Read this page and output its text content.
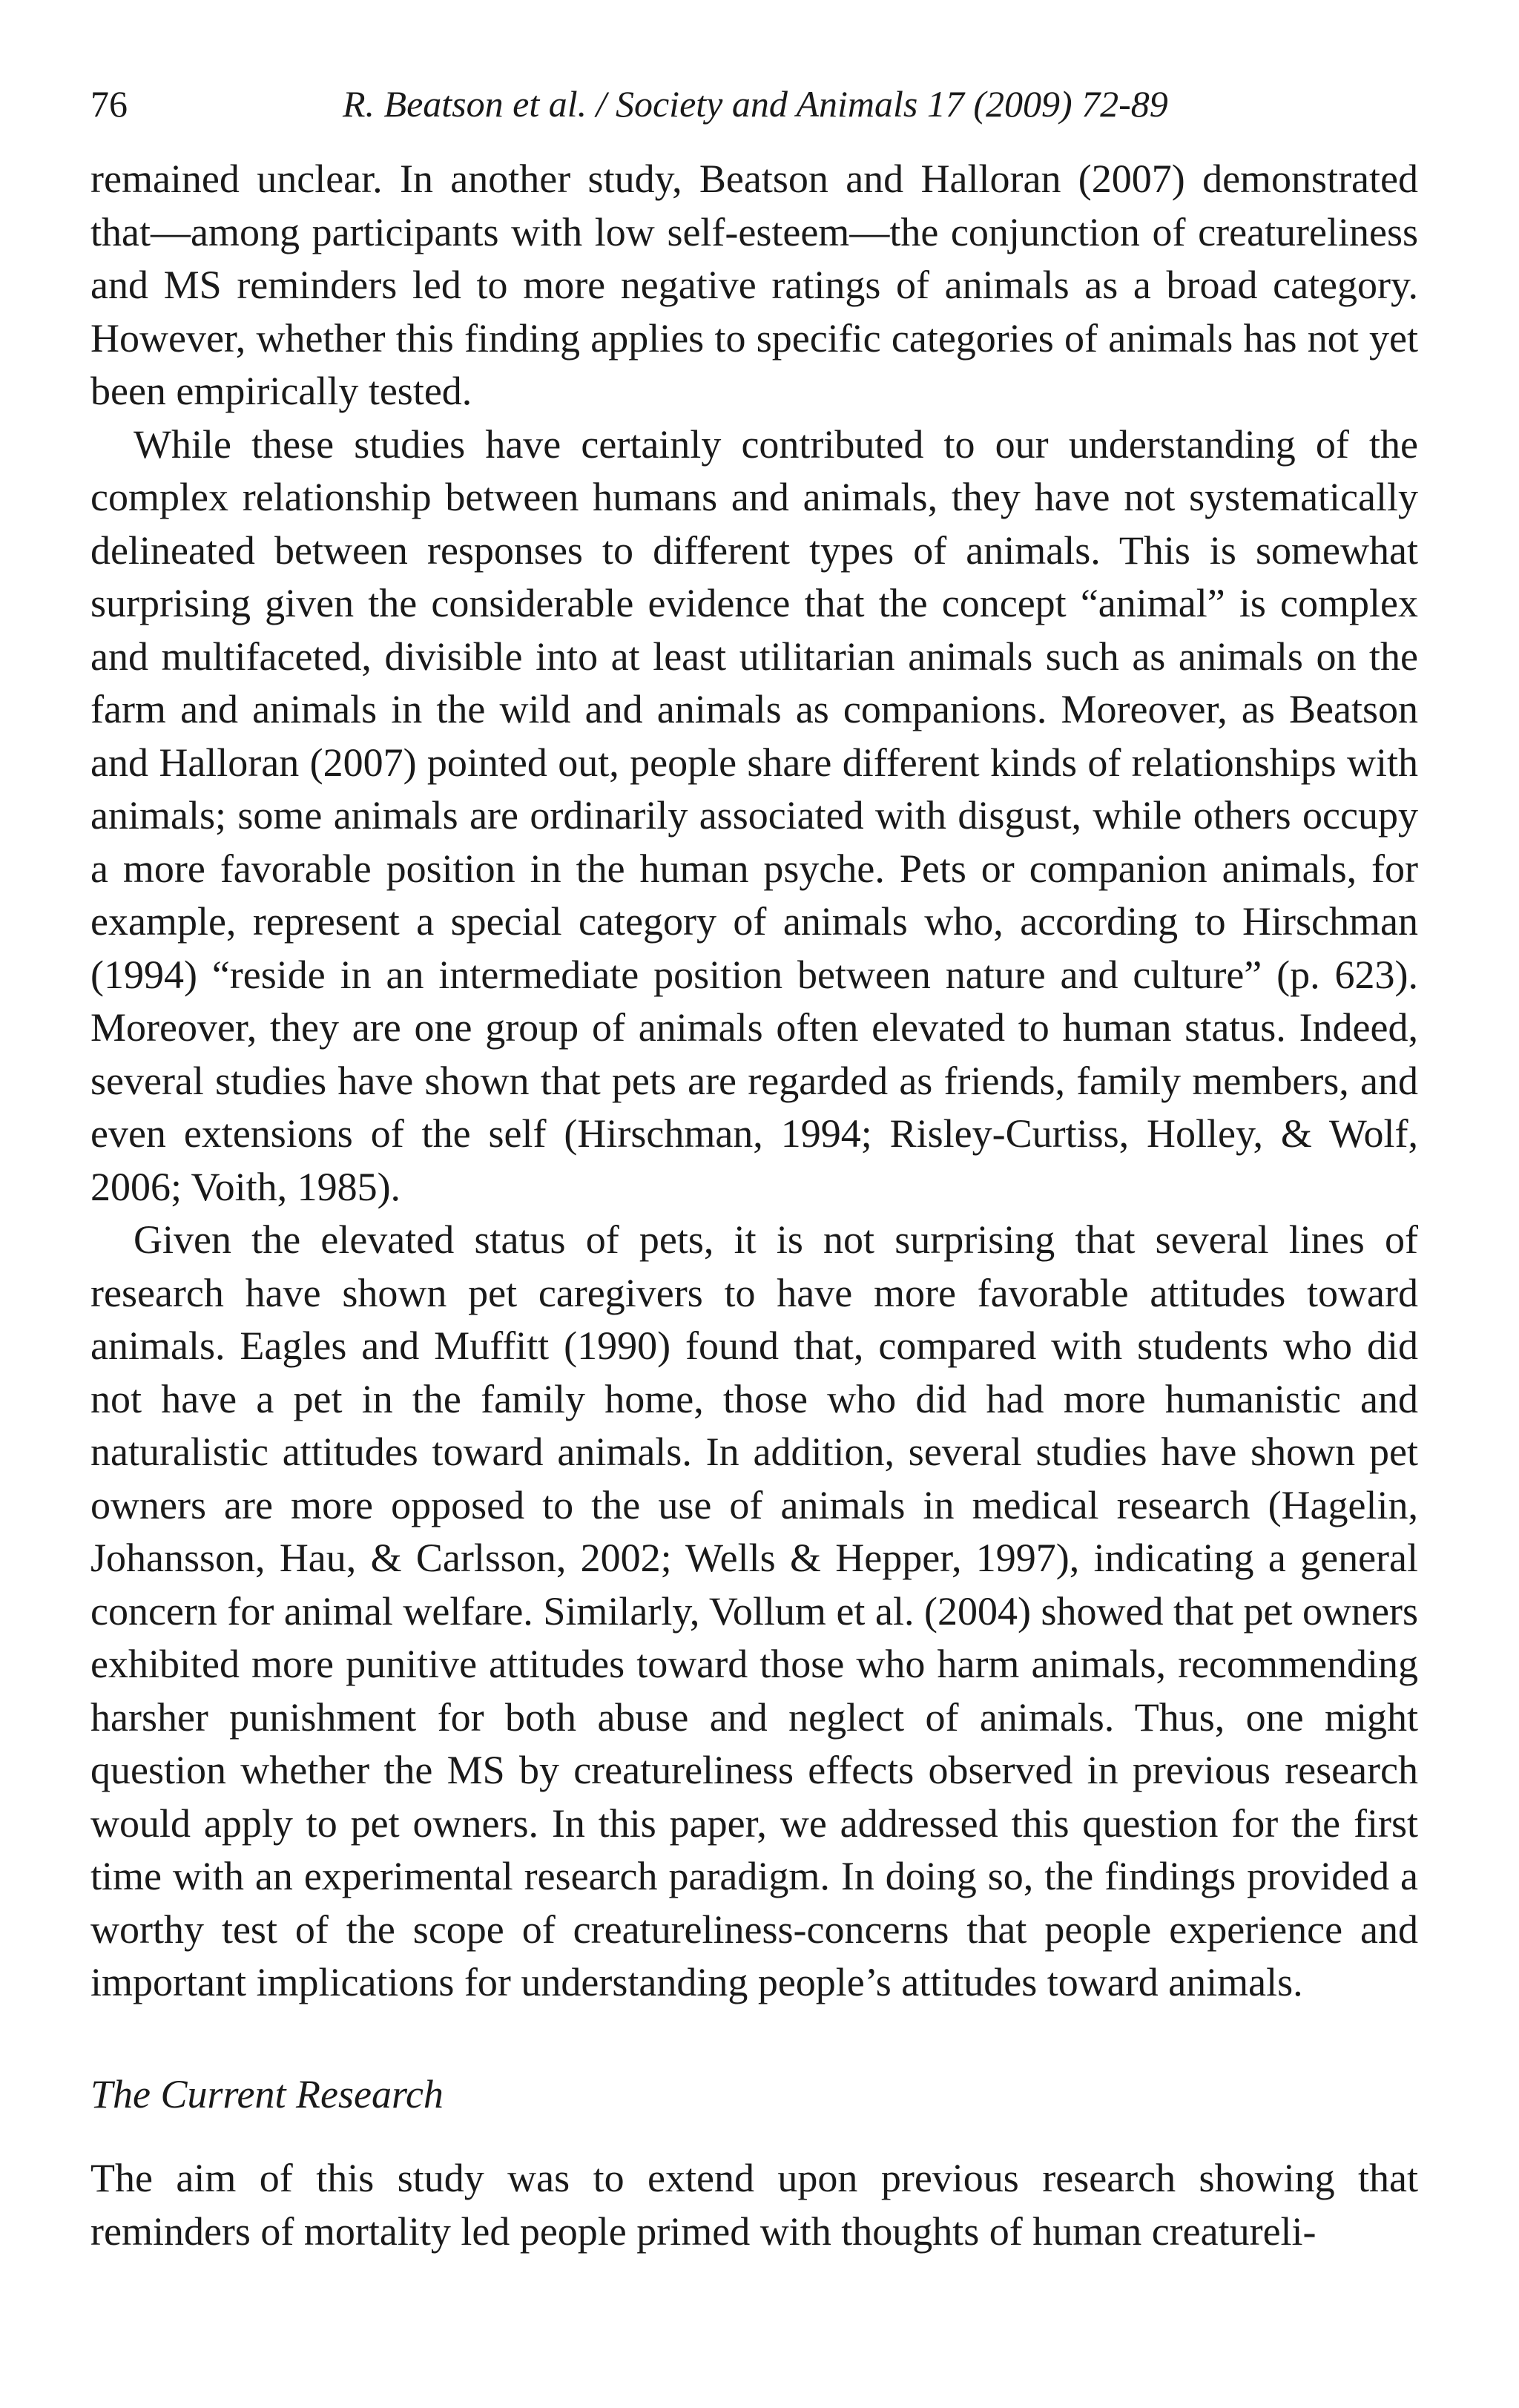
76	R. Beatson et al. / Society and Animals 17 (2009) 72-89

remained unclear. In another study, Beatson and Halloran (2007) demonstrated that—among participants with low self-esteem—the conjunction of creatureliness and MS reminders led to more negative ratings of animals as a broad category. However, whether this finding applies to specific categories of animals has not yet been empirically tested.

While these studies have certainly contributed to our understanding of the complex relationship between humans and animals, they have not systematically delineated between responses to different types of animals. This is somewhat surprising given the considerable evidence that the concept “animal” is complex and multifaceted, divisible into at least utilitarian animals such as animals on the farm and animals in the wild and animals as companions. Moreover, as Beatson and Halloran (2007) pointed out, people share different kinds of relationships with animals; some animals are ordinarily associated with disgust, while others occupy a more favorable position in the human psyche. Pets or companion animals, for example, represent a special category of animals who, according to Hirschman (1994) “reside in an intermediate position between nature and culture” (p. 623). Moreover, they are one group of animals often elevated to human status. Indeed, several studies have shown that pets are regarded as friends, family members, and even extensions of the self (Hirschman, 1994; Risley-Curtiss, Holley, & Wolf, 2006; Voith, 1985).

Given the elevated status of pets, it is not surprising that several lines of research have shown pet caregivers to have more favorable attitudes toward animals. Eagles and Muffitt (1990) found that, compared with students who did not have a pet in the family home, those who did had more humanistic and naturalistic attitudes toward animals. In addition, several studies have shown pet owners are more opposed to the use of animals in medical research (Hagelin, Johansson, Hau, & Carlsson, 2002; Wells & Hepper, 1997), indicating a general concern for animal welfare. Similarly, Vollum et al. (2004) showed that pet owners exhibited more punitive attitudes toward those who harm animals, recommending harsher punishment for both abuse and neglect of animals. Thus, one might question whether the MS by creatureliness effects observed in previous research would apply to pet owners. In this paper, we addressed this question for the first time with an experimental research paradigm. In doing so, the findings provided a worthy test of the scope of creatureliness-concerns that people experience and important implications for understanding people’s attitudes toward animals.

The Current Research

The aim of this study was to extend upon previous research showing that reminders of mortality led people primed with thoughts of human creatureli-
